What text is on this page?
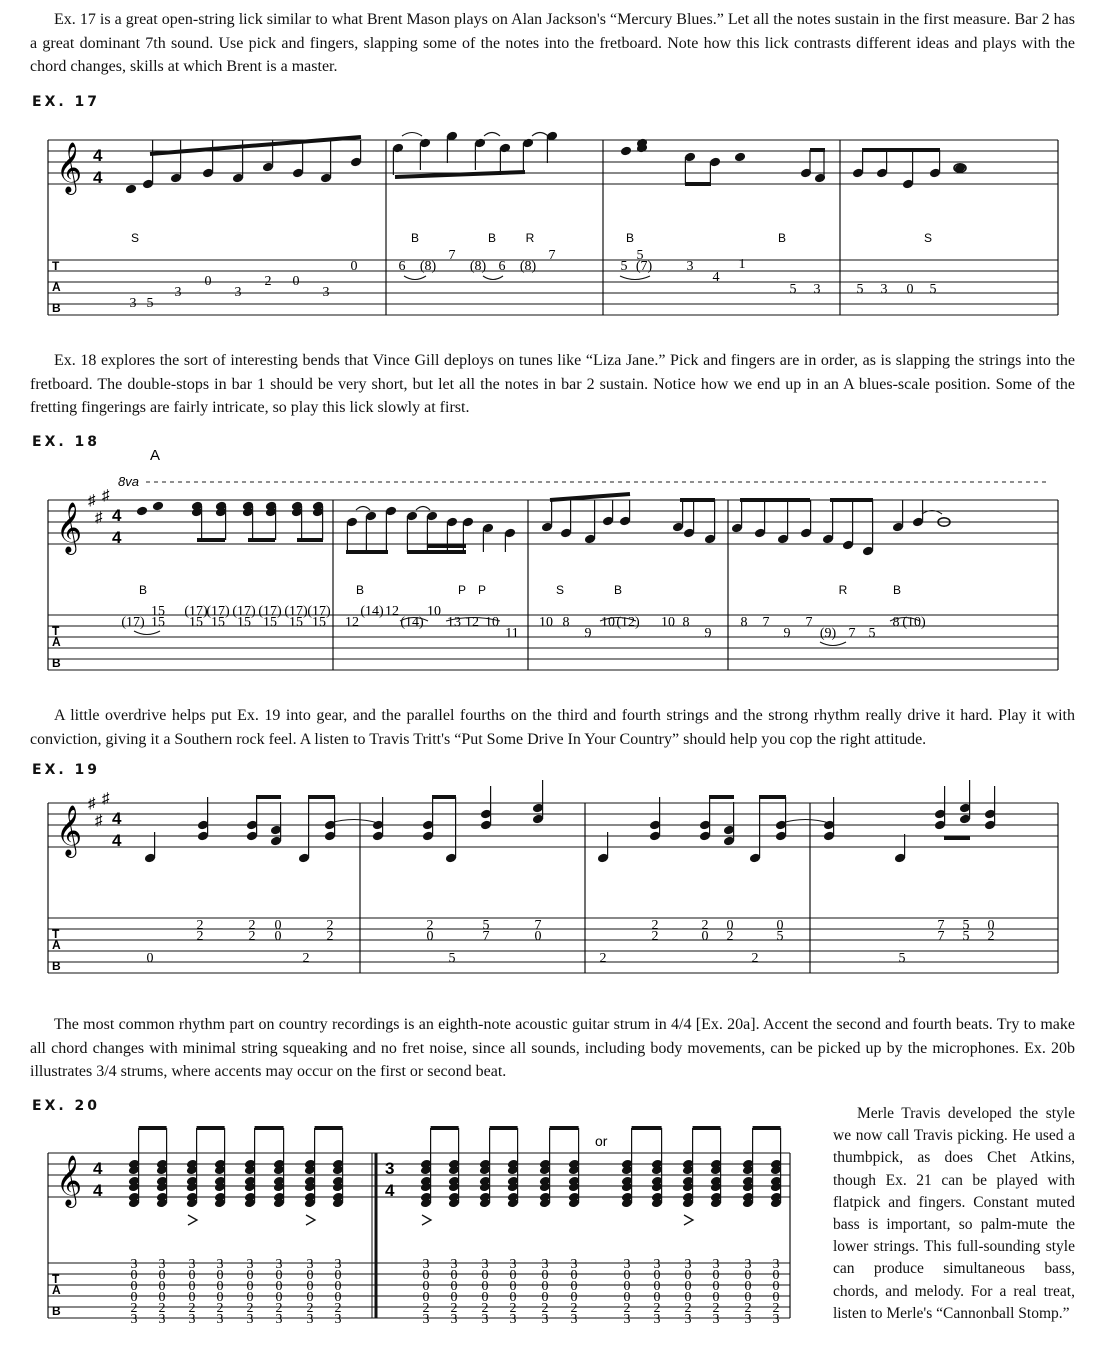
Ex. 17 is a great open-string lick similar to what Brent Mason plays on Alan Jackson's “Mercury Blues.” Let all the notes sustain in the first measure. Bar 2 has a great dominant 7th sound. Use pick and fingers, slapping some of the notes into the fretboard. Note how this lick contrasts different ideas and plays with the chord changes, skills at which Brent is a master.

EX. 17

Ex. 18 explores the sort of interesting bends that Vince Gill deploys on tunes like “Liza Jane.” Pick and fingers are in order, as is slapping the strings into the fretboard. The double-stops in bar 1 should be very short, but let all the notes in bar 2 sustain. Notice how we end up in an A blues-scale position. Some of the fretting fingerings are fairly intricate, so play this lick slowly at first.

EX. 18

A little overdrive helps put Ex. 19 into gear, and the parallel fourths on the third and fourth strings and the strong rhythm really drive it hard. Play it with conviction, giving it a Southern rock feel. A listen to Travis Tritt's “Put Some Drive In Your Country” should help you cop the right attitude.

EX. 19

The most common rhythm part on country recordings is an eighth-note acoustic guitar strum in 4/4 [Ex. 20a]. Accent the second and fourth beats. Try to make all chord changes with minimal string squeaking and no fret noise, since all sounds, including body movements, can be picked up by the microphones. Ex. 20b illustrates 3/4 strums, where accents may occur on the first or second beat.

EX. 20	Merle Travis developed the style we now call Travis picking. He used a thumbpick, as does Chet Atkins, though Ex. 21 can be played with flatpick and fingers. Constant muted bass is important, so palm-mute the lower strings. This full-sounding style can produce simultaneous bass, chords, and melody. For a real treat, listen to Merle's “Cannonball Stomp.”

𝄞 4
4
T
A
B
S	B	B R	B	B	S
3 5
3
0
3
2 0
3
0	6 (8)
7
(8) 6 (8)
7
5 (7)
5
3
4
1
5 3	5 3 0 5
A
8va
𝄞
♯
♯
♯
4
4
T
A
B
B	B	P P	S	B	R	B
15
(17) 15
(17)
15
(17)
15
(17)
15
(17)
15
(17)
15
(17)
15 12
(14) 12
(14)
10
13 12 10
11
10 8
9
10 (12) 10 8
9
8 7
9
7
(9) 7 5
8 (10)
𝄞
♯
♯
♯
4
4
T
A
B	0
2
2
2
2
0
0
2
2
2
2
0
5
5
7
7
0
2
2
2
2
0
0
2
2
0
5
5
7
7
5
5
0
2
𝄞 4
4
3
4
or
T
A
B
3
0
0
0
2
3
3
0
0
0
2
3
3
0
0
0
2
3
3
0
0
0
2
3
3
0
0
0
2
3
3
0
0
0
2
3
3
0
0
0
2
3
3
0
0
0
2
3
3
0
0
0
2
3
3
0
0
0
2
3
3
0
0
0
2
3
3
0
0
0
2
3
3
0
0
0
2
3
3
0
0
0
2
3
3
0
0
0
2
3
3
0
0
0
2
3
3
0
0
0
2
3
3
0
0
0
2
3
3
0
0
0
2
3
3
0
0
0
2
3
